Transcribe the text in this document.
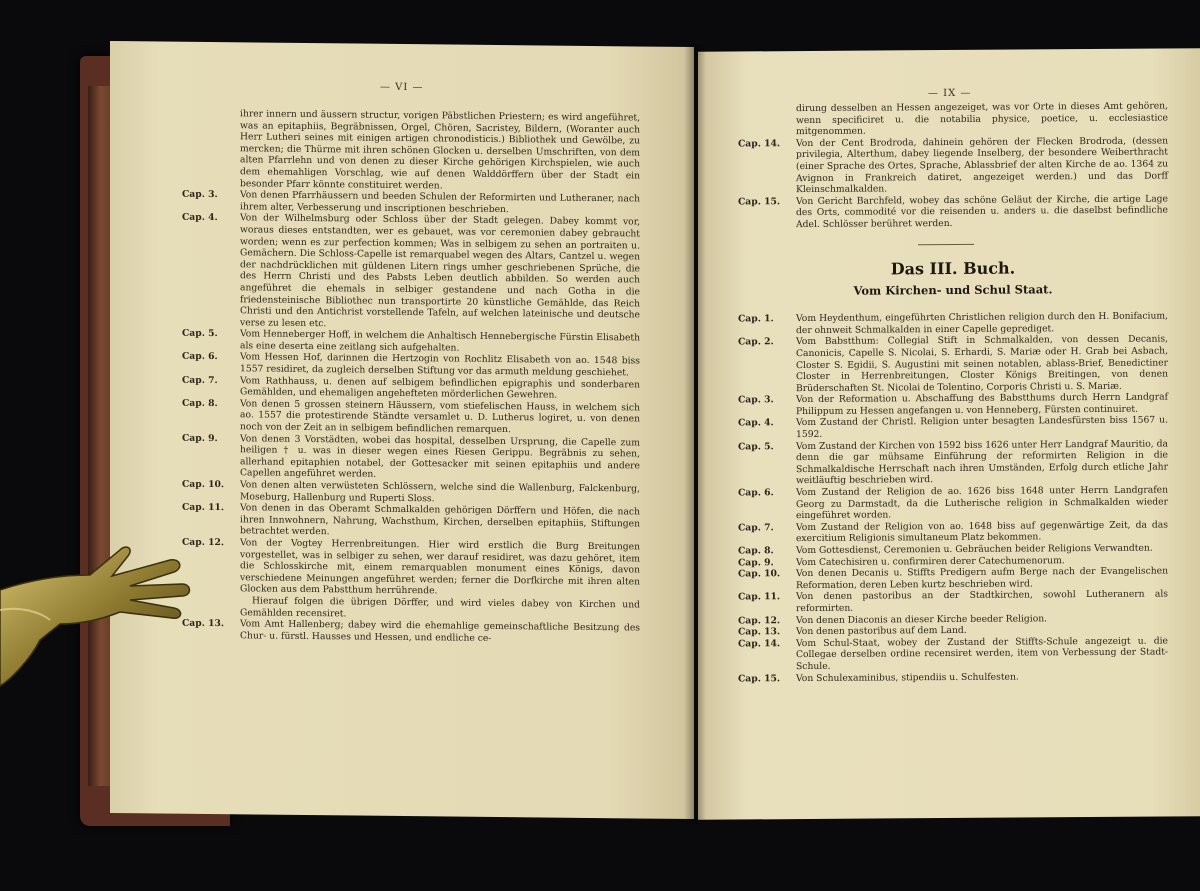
— VI —
ihrer innern und äussern structur, vorigen Päbstlichen Priestern; es wird angeführet, was an epitaphiis, Begräbnissen, Orgel, Chören, Sacristey, Bildern, (Woranter auch Herr Lutheri seines mit einigen artigen chronodisticis.) Bibliothek und Gewölbe, zu mercken; die Thürme mit ihren schönen Glocken u. derselben Umschriften, von dem alten Pfarrlehn und von denen zu dieser Kirche gehörigen Kirchspielen, wie auch dem ehemahligen Vorschlag, wie auf denen Walddörffern über der Stadt ein besonder Pfarr könnte constituiret werden.
Cap. 3. Von denen Pfarrhäussern und beeden Schulen der Reformirten und Lutheraner, nach ihrem alter, Verbesserung und inscriptionen beschrieben.
Cap. 4. Von der Wilhelmsburg oder Schloss über der Stadt gelegen. Dabey kommt vor, woraus dieses entstandten, wer es gebauet, was vor ceremonien dabey gebraucht worden; wenn es zur perfection kommen; Was in selbigem zu sehen an portraiten u. Gemächern. Die Schloss-Capelle ist remarquabel wegen des Altars, Cantzel u. wegen der nachdrücklichen mit güldenen Litern rings umher geschriebenen Sprüche, die des Herrn Christi und des Pabsts Leben deutlich abbilden. So werden auch angeführet die ehemals in selbiger gestandene und nach Gotha in die friedensteinische Bibliothec nun transportirte 20 künstliche Gemählde, das Reich Christi und den Antichrist vorstellende Tafeln, auf welchen lateinische und deutsche verse zu lesen etc.
Cap. 5. Vom Henneberger Hoff, in welchem die Anhaltisch Hennebergische Fürstin Elisabeth als eine deserta eine zeitlang sich aufgehalten.
Cap. 6. Vom Hessen Hof, darinnen die Hertzogin von Rochlitz Elisabeth von ao. 1548 biss 1557 residiret, da zugleich derselben Stiftung vor das armuth meldung geschiehet.
Cap. 7. Vom Rathhauss, u. denen auf selbigem befindlichen epigraphis und sonderbaren Gemählden, und ehemaligen angehefteten mörderlichen Gewehren.
Cap. 8. Von denen 5 grossen steinern Häussern, vom stiefelischen Hauss, in welchem sich ao. 1557 die protestirende Ständte versamlet u. D. Lutherus logiret, u. von denen noch von der Zeit an in selbigem befindlichen remarquen.
Cap. 9. Von denen 3 Vorstädten, wobei das hospital, desselben Ursprung, die Capelle zum heiligen † u. was in dieser wegen eines Riesen Gerippu. Begräbnis zu sehen, allerhand epitaphien notabel, der Gottesacker mit seinen epitaphiis und andere Capellen angeführet werden.
Cap. 10. Von denen alten verwüsteten Schlössern, welche sind die Wallenburg, Falckenburg, Moseburg, Hallenburg und Ruperti Sloss.
Cap. 11. Von denen in das Oberamt Schmalkalden gehörigen Dörffern und Höfen, die nach ihren Innwohnern, Nahrung, Wachsthum, Kirchen, derselben epitaphiis, Stiftungen betrachtet werden.
Cap. 12. Von der Vogtey Herrenbreitungen. Hier wird erstlich die Burg Breitungen vorgestellet, was in selbiger zu sehen, wer darauf residiret, was dazu gehöret, item die Schlosskirche mit, einem remarquablen monument eines Königs, davon verschiedene Meinungen angeführet werden; ferner die Dorfkirche mit ihren alten Glocken aus dem Pabstthum herrührende.
Hierauf folgen die übrigen Dörffer, und wird vieles dabey von Kirchen und Gemählden recensiret.
Cap. 13. Vom Amt Hallenberg; dabey wird die ehemahlige gemeinschaftliche Besitzung des Chur- u. fürstl. Hausses und Hessen, und endliche ce-
— IX —
dirung desselben an Hessen angezeiget, was vor Orte in dieses Amt gehören, wenn specificiret u. die notabilia physice, poetice, u. ecclesiastice mitgenommen.
Cap. 14. Von der Cent Brodroda, dahinein gehören der Flecken Brodroda, (dessen privilegia, Alterthum, dabey liegende Inselberg, der besondere Weiberthracht (einer Sprache des Ortes, Sprache, Ablassbrief der alten Kirche de ao. 1364 zu Avignon in Frankreich datiret, angezeiget werden.) und das Dorff Kleinschmalkalden.
Cap. 15. Von Gericht Barchfeld, wobey das schöne Geläut der Kirche, die artige Lage des Orts, commodité vor die reisenden u. anders u. die daselbst befindliche Adel. Schlösser berühret werden.
Das III. Buch.
Vom Kirchen- und Schul Staat.
Cap. 1. Vom Heydenthum, eingeführten Christlichen religion durch den H. Bonifacium, der ohnweit Schmalkalden in einer Capelle geprediget.
Cap. 2. Vom Babstthum: Collegial Stift in Schmalkalden, von dessen Decanis, Canonicis, Capelle S. Nicolai, S. Erhardi, S. Mariæ oder H. Grab bei Asbach, Closter S. Egidii, S. Augustini mit seinen notablen, ablass-Brief, Benedictiner Closter in Herrenbreitungen, Closter Königs Breitingen, von denen Brüderschaften St. Nicolai de Tolentino, Corporis Christi u. S. Mariæ.
Cap. 3. Von der Reformation u. Abschaffung des Babstthums durch Herrn Landgraf Philippum zu Hessen angefangen u. von Henneberg, Fürsten continuiret.
Cap. 4. Vom Zustand der Christl. Religion unter besagten Landesfürsten biss 1567 u. 1592.
Cap. 5. Vom Zustand der Kirchen von 1592 biss 1626 unter Herr Landgraf Mauritio, da denn die gar mühsame Einführung der reformirten Religion in die Schmalkaldische Herrschaft nach ihren Umständen, Erfolg durch etliche Jahr weitläuftig beschrieben wird.
Cap. 6. Vom Zustand der Religion de ao. 1626 biss 1648 unter Herrn Landgrafen Georg zu Darmstadt, da die Lutherische religion in Schmalkalden wieder eingeführet worden.
Cap. 7. Vom Zustand der Religion von ao. 1648 biss auf gegenwärtige Zeit, da das exercitium Religionis simultaneum Platz bekommen.
Cap. 8. Vom Gottesdienst, Ceremonien u. Gebräuchen beider Religions Verwandten.
Cap. 9. Vom Catechisiren u. confirmiren derer Catechumenorum.
Cap. 10. Von denen Decanis u. Stiffts Predigern aufm Berge nach der Evangelischen Reformation, deren Leben kurtz beschrieben wird.
Cap. 11. Von denen pastoribus an der Stadtkirchen, sowohl Lutheranern als reformirten.
Cap. 12. Von denen Diaconis an dieser Kirche beeder Religion.
Cap. 13. Von denen pastoribus auf dem Land.
Cap. 14. Vom Schul-Staat, wobey der Zustand der Stiffts-Schule angezeigt u. die Collegae derselben ordine recensiret werden, item von Verbessung der Stadt-Schule.
Cap. 15. Von Schulexaminibus, stipendiis u. Schulfesten.
